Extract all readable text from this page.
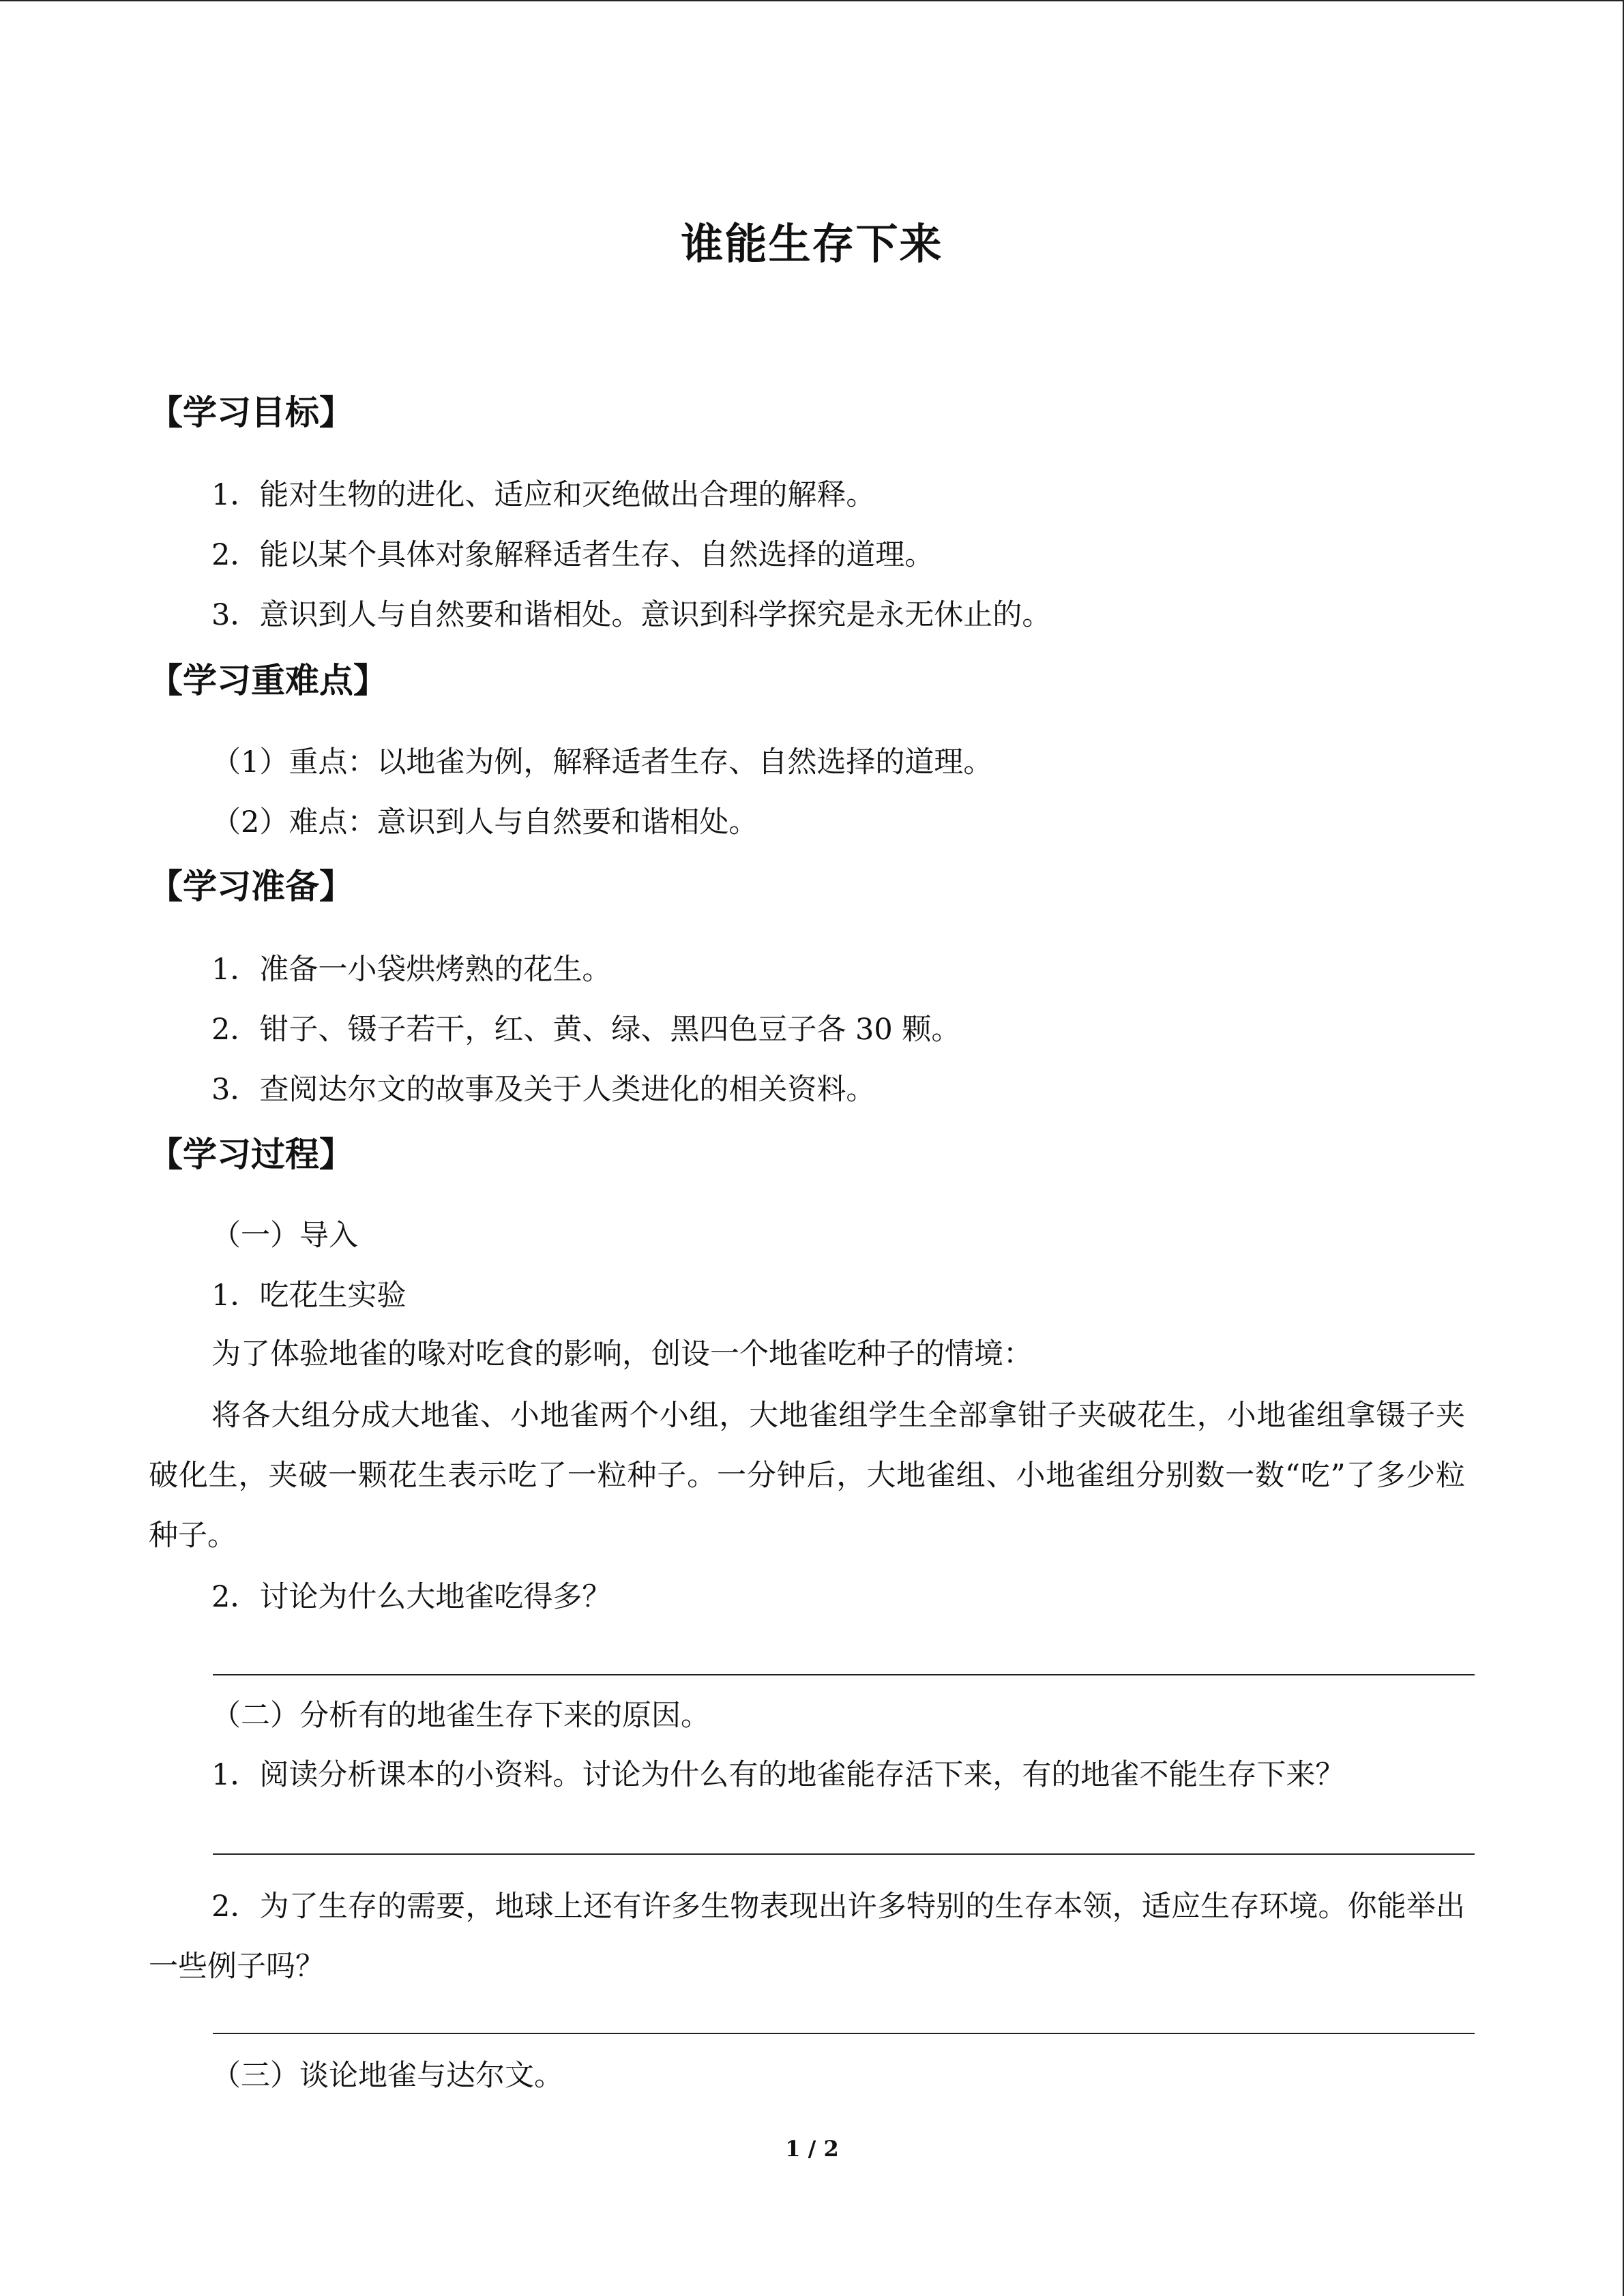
谁能生存下来
【学习目标】
1．能对生物的进化、适应和灭绝做出合理的解释。
2．能以某个具体对象解释适者生存、自然选择的道理。
3．意识到人与自然要和谐相处。意识到科学探究是永无休止的。
【学习重难点】
（1）重点：以地雀为例，解释适者生存、自然选择的道理。
（2）难点：意识到人与自然要和谐相处。
【学习准备】
1．准备一小袋烘烤熟的花生。
2．钳子、镊子若干，红、黄、绿、黑四色豆子各 30 颗。
3．查阅达尔文的故事及关于人类进化的相关资料。
【学习过程】
（一）导入
1．吃花生实验
为了体验地雀的喙对吃食的影响，创设一个地雀吃种子的情境：
将各大组分成大地雀、小地雀两个小组，大地雀组学生全部拿钳子夹破花生，小地雀组拿镊子夹破化生，夹破一颗花生表示吃了一粒种子。一分钟后，大地雀组、小地雀组分别数一数“吃”了多少粒种子。
2．讨论为什么大地雀吃得多？
（二）分析有的地雀生存下来的原因。
1．阅读分析课本的小资料。讨论为什么有的地雀能存活下来，有的地雀不能生存下来？
2．为了生存的需要，地球上还有许多生物表现出许多特别的生存本领，适应生存环境。你能举出一些例子吗？
（三）谈论地雀与达尔文。
1 / 2
